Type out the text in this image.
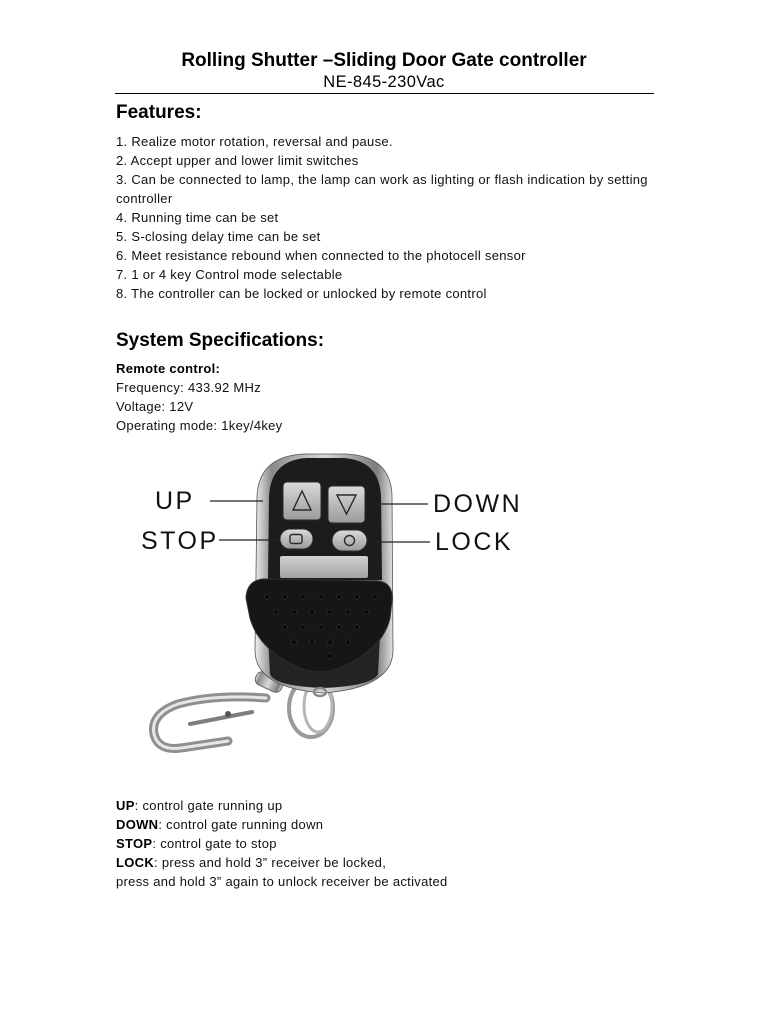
Rolling Shutter –Sliding Door Gate controller
NE-845-230Vac
Features:
1. Realize motor rotation, reversal and pause.
2. Accept upper and lower limit switches
3. Can be connected to lamp, the lamp can work as lighting or flash indication by setting controller
4. Running time can be set
5. S-closing delay time can be set
6. Meet resistance rebound when connected to the photocell sensor
7. 1 or 4 key Control mode selectable
8. The controller can be locked or unlocked by remote control
System Specifications:
Remote control:
Frequency: 433.92 MHz
Voltage: 12V
Operating mode: 1key/4key
UP	DOWN
STOP	LOCK
UP: control gate running up
DOWN: control gate running down
STOP: control gate to stop
LOCK: press and hold 3” receiver be locked,
press and hold 3” again to unlock receiver be activated
